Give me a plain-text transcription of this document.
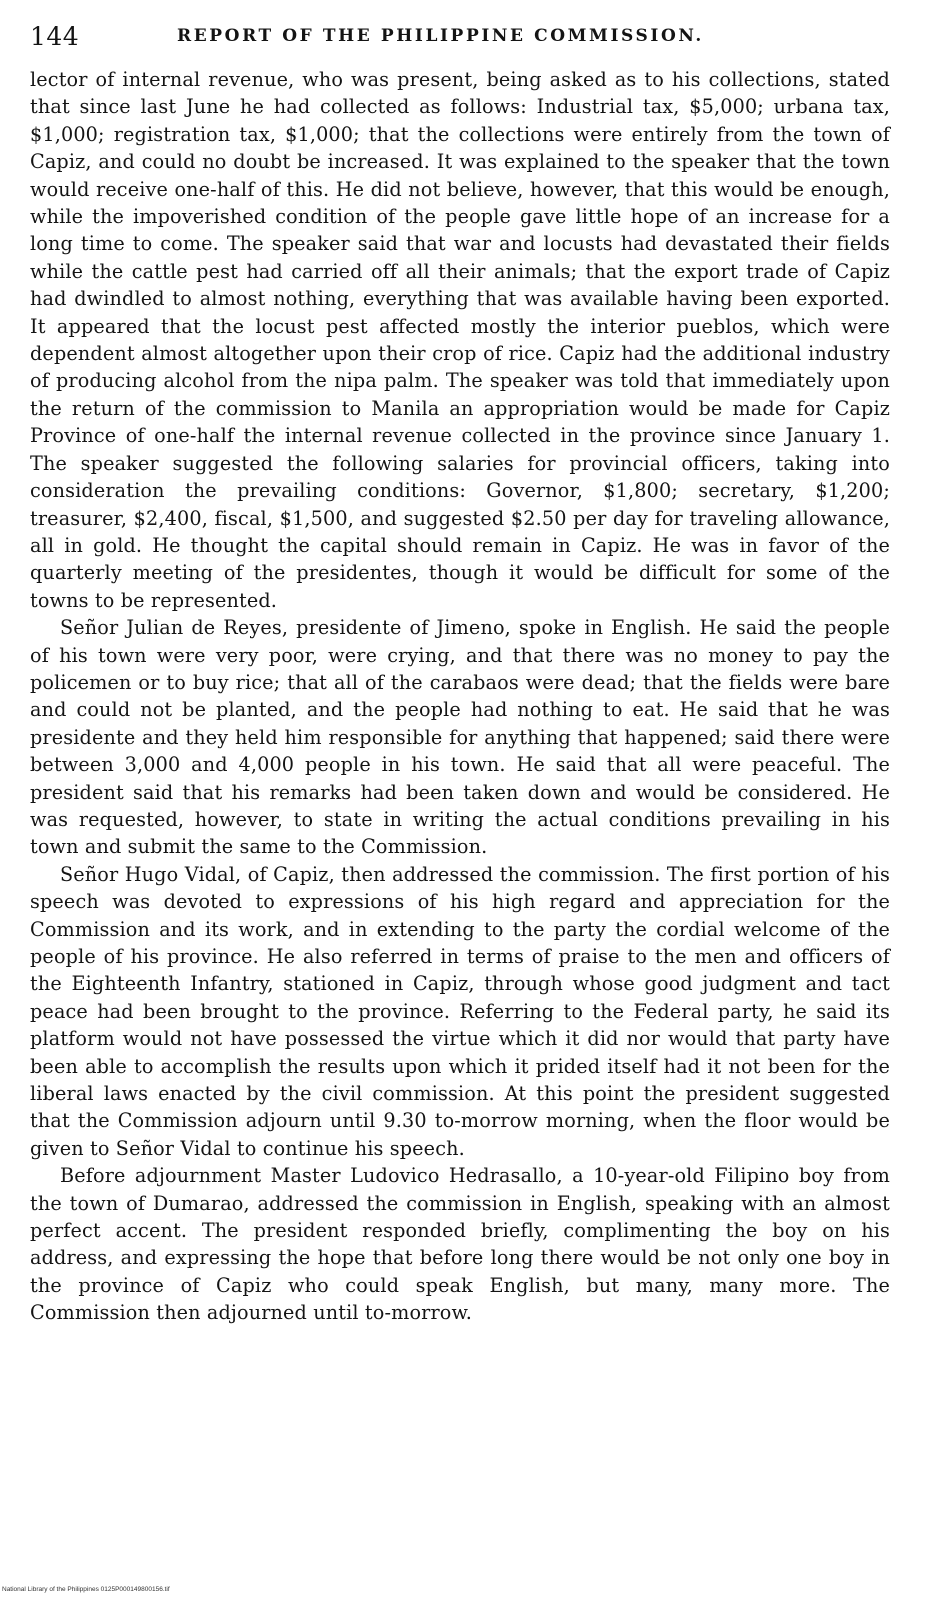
144	REPORT OF THE PHILIPPINE COMMISSION.

lector of internal revenue, who was present, being asked as to his collections, stated that since last June he had collected as follows: Industrial tax, $5,000; urbana tax, $1,000; registration tax, $1,000; that the collections were entirely from the town of Capiz, and could no doubt be increased. It was explained to the speaker that the town would receive one-half of this. He did not believe, however, that this would be enough, while the impoverished condition of the people gave little hope of an increase for a long time to come. The speaker said that war and locusts had devastated their fields while the cattle pest had carried off all their animals; that the export trade of Capiz had dwindled to almost nothing, everything that was available having been exported. It appeared that the locust pest affected mostly the interior pueblos, which were dependent almost altogether upon their crop of rice. Capiz had the additional industry of producing alcohol from the nipa palm. The speaker was told that immediately upon the return of the commission to Manila an appropriation would be made for Capiz Province of one-half the internal revenue collected in the province since January 1. The speaker suggested the following salaries for provincial officers, taking into consideration the prevailing conditions: Governor, $1,800; secretary, $1,200; treasurer, $2,400, fiscal, $1,500, and suggested $2.50 per day for traveling allowance, all in gold. He thought the capital should remain in Capiz. He was in favor of the quarterly meeting of the presidentes, though it would be difficult for some of the towns to be represented.

Señor Julian de Reyes, presidente of Jimeno, spoke in English. He said the people of his town were very poor, were crying, and that there was no money to pay the policemen or to buy rice; that all of the carabaos were dead; that the fields were bare and could not be planted, and the people had nothing to eat. He said that he was presidente and they held him responsible for anything that happened; said there were between 3,000 and 4,000 people in his town. He said that all were peaceful. The president said that his remarks had been taken down and would be considered. He was requested, however, to state in writing the actual conditions prevailing in his town and submit the same to the Commission.

Señor Hugo Vidal, of Capiz, then addressed the commission. The first portion of his speech was devoted to expressions of his high regard and appreciation for the Commission and its work, and in extending to the party the cordial welcome of the people of his province. He also referred in terms of praise to the men and officers of the Eighteenth Infantry, stationed in Capiz, through whose good judgment and tact peace had been brought to the province. Referring to the Federal party, he said its platform would not have possessed the virtue which it did nor would that party have been able to accomplish the results upon which it prided itself had it not been for the liberal laws enacted by the civil commission. At this point the president suggested that the Commission adjourn until 9.30 to-morrow morning, when the floor would be given to Señor Vidal to continue his speech.

Before adjournment Master Ludovico Hedrasallo, a 10-year-old Filipino boy from the town of Dumarao, addressed the commission in English, speaking with an almost perfect accent. The president responded briefly, complimenting the boy on his address, and expressing the hope that before long there would be not only one boy in the province of Capiz who could speak English, but many, many more. The Commission then adjourned until to-morrow.

National Library of the Philippines 0125P000149800156.tif
